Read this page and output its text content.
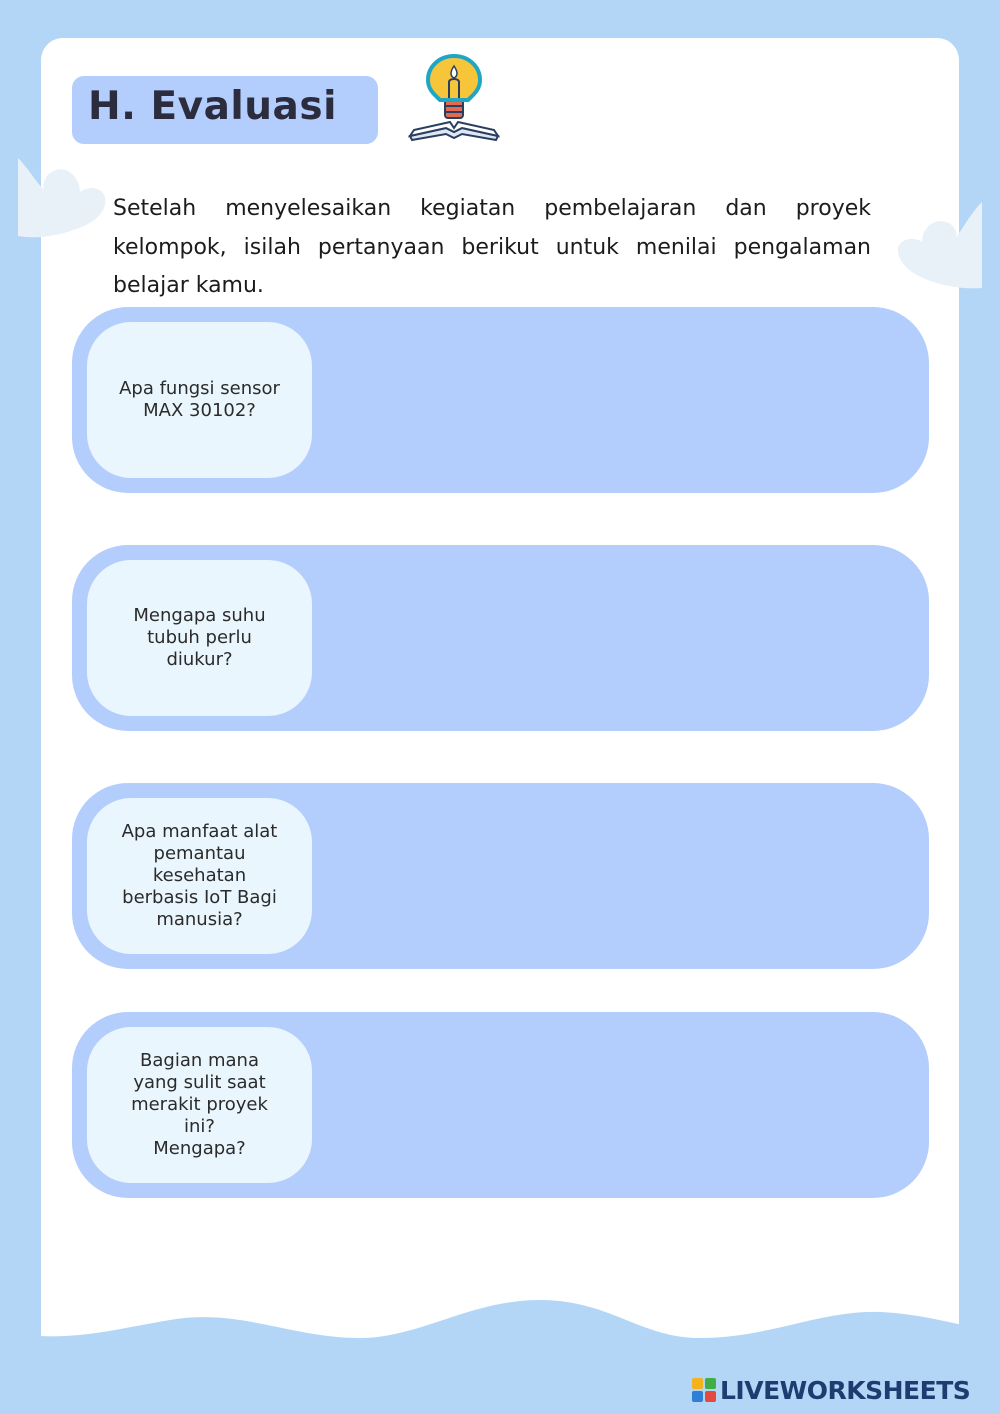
H. Evaluasi

Setelah menyelesaikan kegiatan pembelajaran dan proyek kelompok, isilah pertanyaan berikut untuk menilai pengalaman belajar kamu.

Apa fungsi sensor
MAX 30102?
Mengapa suhu
tubuh perlu
diukur?
Apa manfaat alat
pemantau
kesehatan
berbasis IoT Bagi
manusia?
Bagian mana
yang sulit saat
merakit proyek
ini?
Mengapa?
LIVEWORKSHEETS
